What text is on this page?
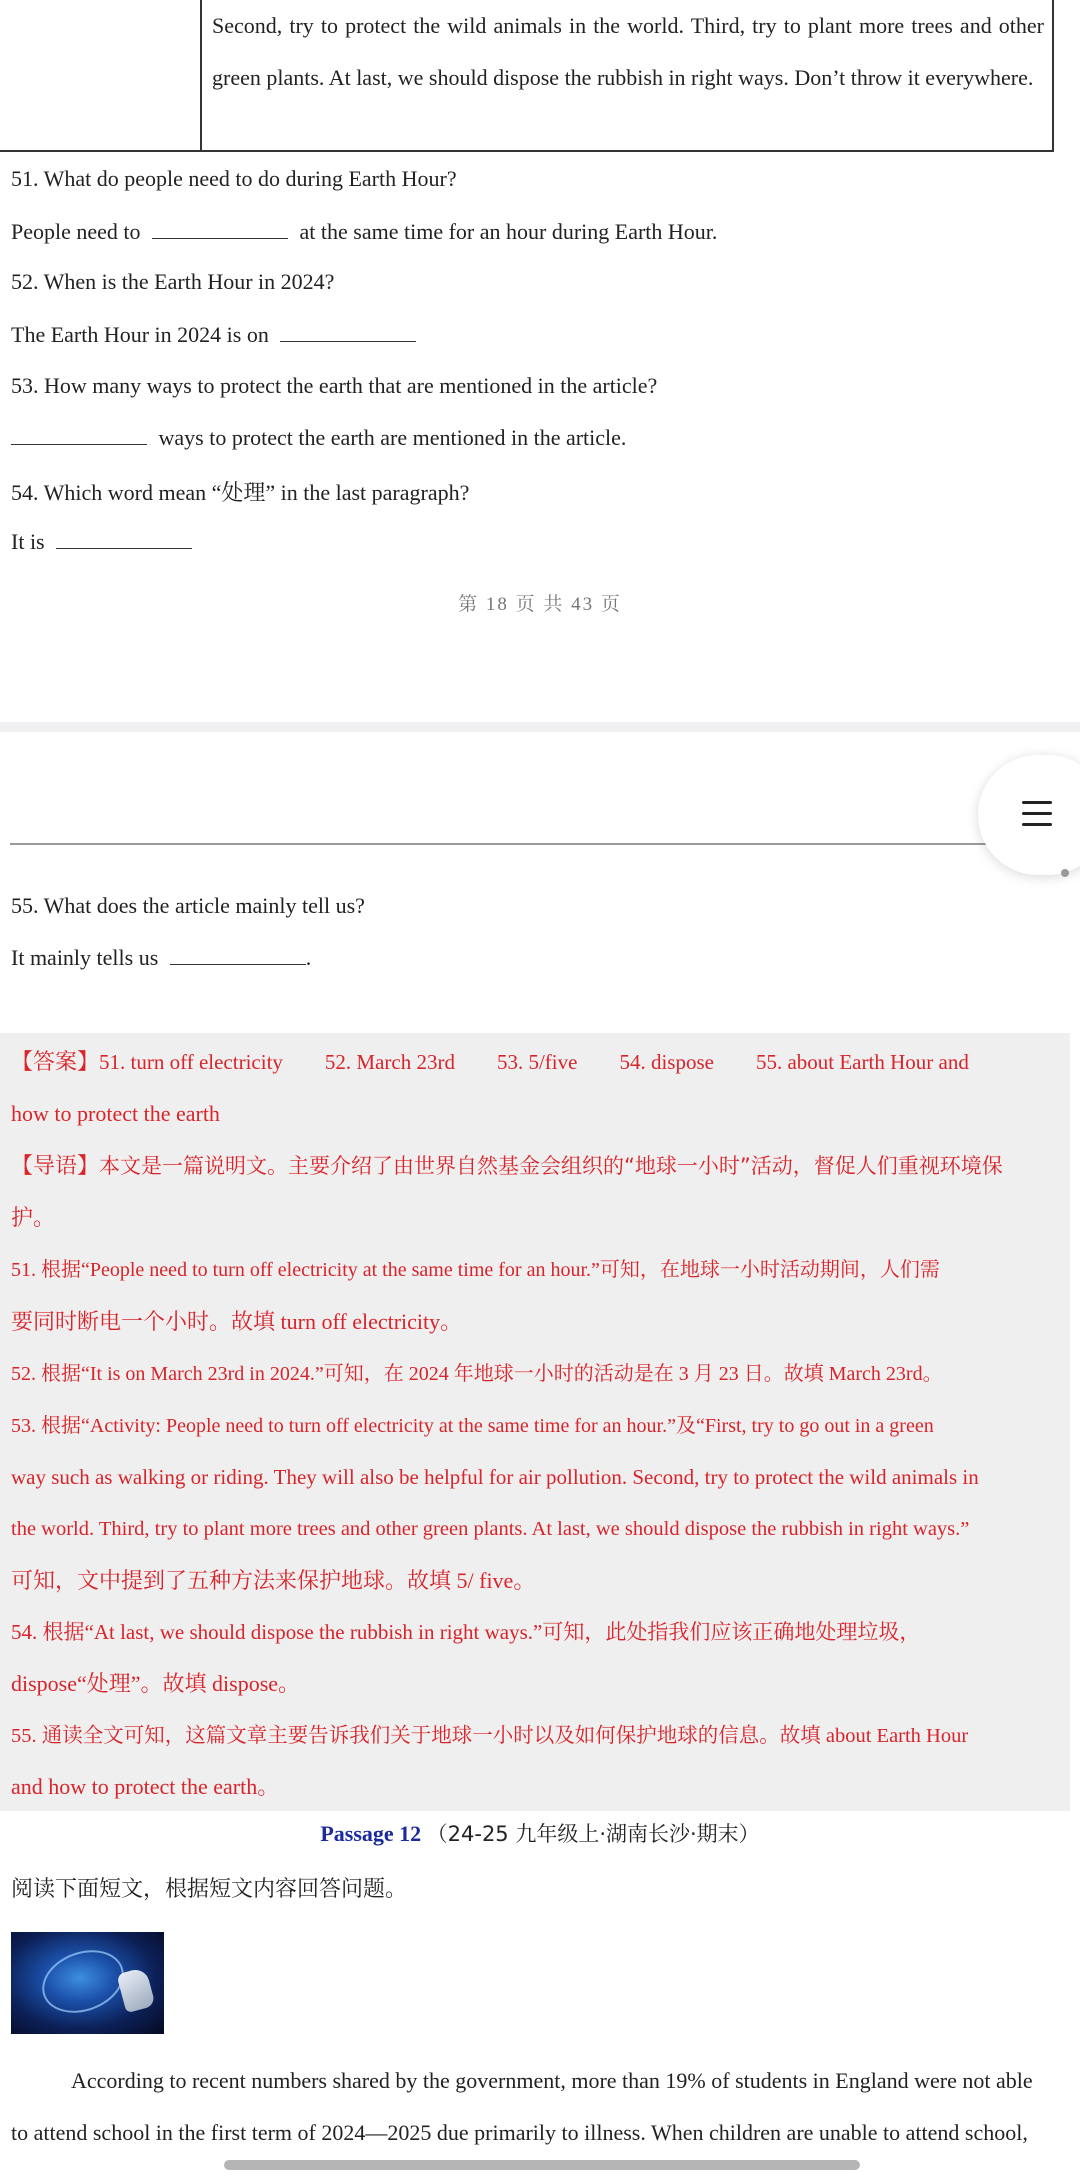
Second, try to protect the wild animals in the world. Third, try to plant more trees and other green plants. At last, we should dispose the rubbish in right ways. Don’t throw it everywhere.
51. What do people need to do during Earth Hour?
People need to	at the same time for an hour during Earth Hour.
52. When is the Earth Hour in 2024?
The Earth Hour in 2024 is on
53. How many ways to protect the earth that are mentioned in the article?
ways to protect the earth are mentioned in the article.
54. Which word mean “处理” in the last paragraph?
It is
第 18 页 共 43 页
55. What does the article mainly tell us?
It mainly tells us	.
【答案】51. turn off electricity 52. March 23rd 53. 5/five 54. dispose 55. about Earth Hour and
how to protect the earth
【导语】本文是一篇说明文。主要介绍了由世界自然基金会组织的“地球一小时”活动，督促人们重视环境保
护。
51. 根据“People need to turn off electricity at the same time for an hour.”可知，在地球一小时活动期间，人们需
要同时断电一个小时。故填 turn off electricity。
52. 根据“It is on March 23rd in 2024.”可知，在 2024 年地球一小时的活动是在 3 月 23 日。故填 March 23rd。
53. 根据“Activity: People need to turn off electricity at the same time for an hour.”及“First, try to go out in a green
way such as walking or riding. They will also be helpful for air pollution. Second, try to protect the wild animals in
the world. Third, try to plant more trees and other green plants. At last, we should dispose the rubbish in right ways.”
可知，文中提到了五种方法来保护地球。故填 5/ five。
54. 根据“At last, we should dispose the rubbish in right ways.”可知，此处指我们应该正确地处理垃圾，
dispose“处理”。故填 dispose。
55. 通读全文可知，这篇文章主要告诉我们关于地球一小时以及如何保护地球的信息。故填 about Earth Hour
and how to protect the earth。
Passage 12 （24-25 九年级上·湖南长沙·期末）
阅读下面短文，根据短文内容回答问题。
According to recent numbers shared by the government, more than 19% of students in England were not able
to attend school in the first term of 2024—2025 due primarily to illness. When children are unable to attend school,
